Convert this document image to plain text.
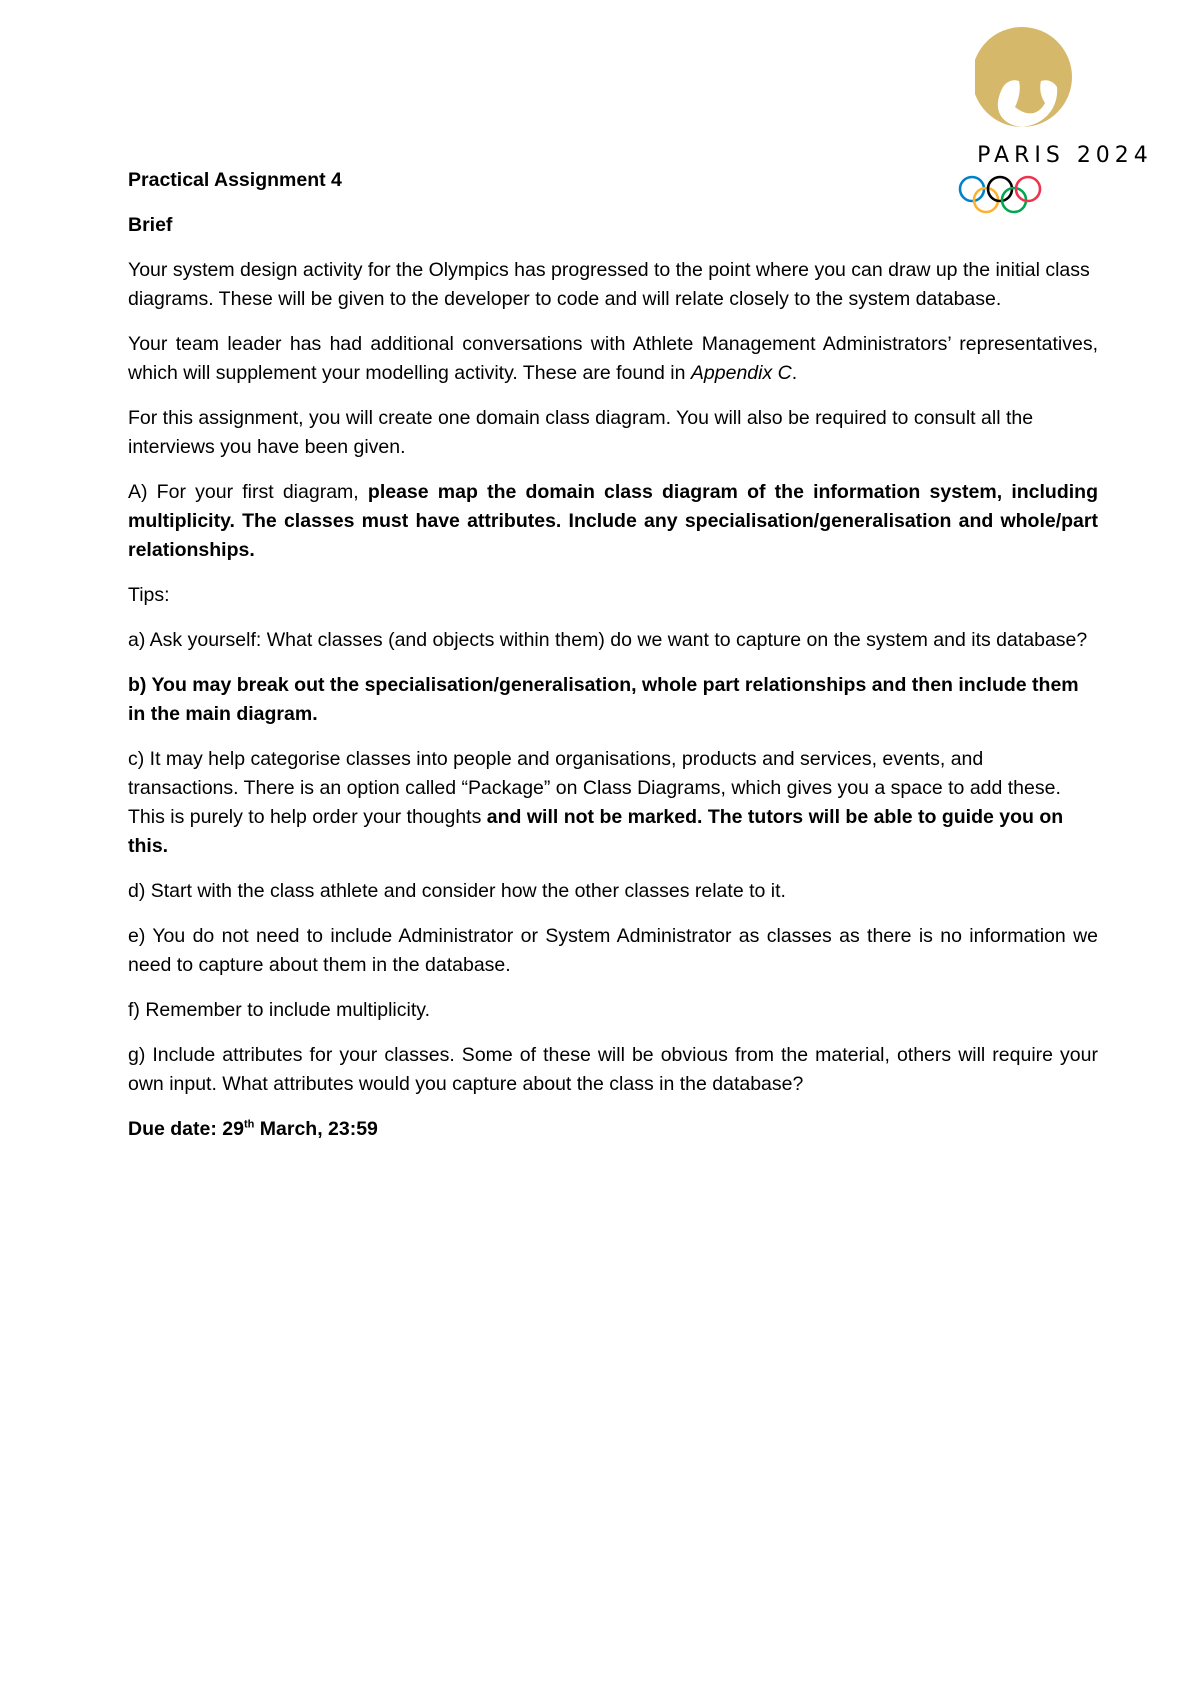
PARIS 2024

Practical Assignment 4

Brief

Your system design activity for the Olympics has progressed to the point where you can draw up the initial class diagrams. These will be given to the developer to code and will relate closely to the system database.

Your team leader has had additional conversations with Athlete Management Administrators’ representatives, which will supplement your modelling activity. These are found in Appendix C.

For this assignment, you will create one domain class diagram. You will also be required to consult all the interviews you have been given.

A) For your first diagram, please map the domain class diagram of the information system, including multiplicity. The classes must have attributes. Include any specialisation/generalisation and whole/part relationships.

Tips:

a) Ask yourself: What classes (and objects within them) do we want to capture on the system and its database?

b) You may break out the specialisation/generalisation, whole part relationships and then include them in the main diagram.

c) It may help categorise classes into people and organisations, products and services, events, and transactions. There is an option called “Package” on Class Diagrams, which gives you a space to add these. This is purely to help order your thoughts and will not be marked. The tutors will be able to guide you on this.

d) Start with the class athlete and consider how the other classes relate to it.

e) You do not need to include Administrator or System Administrator as classes as there is no information we need to capture about them in the database.

f) Remember to include multiplicity.

g) Include attributes for your classes. Some of these will be obvious from the material, others will require your own input. What attributes would you capture about the class in the database?

Due date: 29th March, 23:59
